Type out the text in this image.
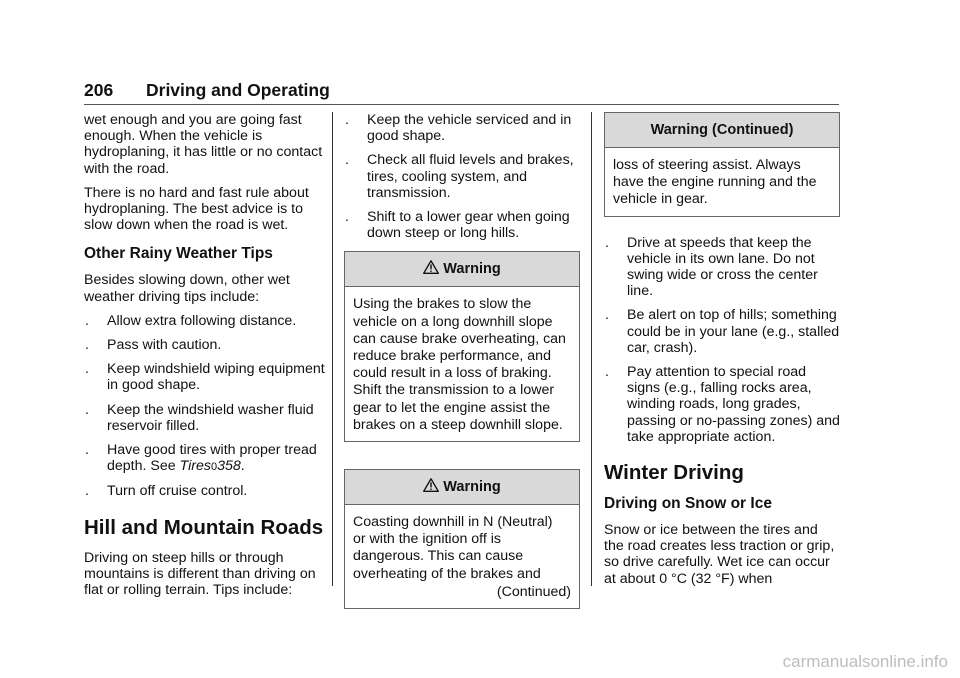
206 Driving and Operating

wet enough and you are going fast enough. When the vehicle is hydroplaning, it has little or no contact with the road.

There is no hard and fast rule about hydroplaning. The best advice is to slow down when the road is wet.

Other Rainy Weather Tips

Besides slowing down, other wet weather driving tips include:

. Allow extra following distance.
. Pass with caution.
. Keep windshield wiping equipment in good shape.
. Keep the windshield washer fluid reservoir filled.
. Have good tires with proper tread depth. See Tires0358.
. Turn off cruise control.
Hill and Mountain Roads

Driving on steep hills or through mountains is different than driving on flat or rolling terrain. Tips include:

. Keep the vehicle serviced and in good shape.
. Check all fluid levels and brakes, tires, cooling system, and transmission.
. Shift to a lower gear when going down steep or long hills.
Warning

Using the brakes to slow the

vehicle on a long downhill slope

can cause brake overheating, can

reduce brake performance, and

could result in a loss of braking.

Shift the transmission to a lower

gear to let the engine assist the

brakes on a steep downhill slope.

Warning

Coasting downhill in N (Neutral)

or with the ignition off is

dangerous. This can cause

overheating of the brakes and

(Continued)
Warning (Continued)

loss of steering assist. Always

have the engine running and the

vehicle in gear.

. Drive at speeds that keep the vehicle in its own lane. Do not swing wide or cross the center line.
. Be alert on top of hills; something could be in your lane (e.g., stalled car, crash).
. Pay attention to special road signs (e.g., falling rocks area, winding roads, long grades, passing or no-passing zones) and take appropriate action.
Winter Driving
Driving on Snow or Ice

Snow or ice between the tires and the road creates less traction or grip, so drive carefully. Wet ice can occur at about 0 °C (32 °F) when

carmanualsonline.info
